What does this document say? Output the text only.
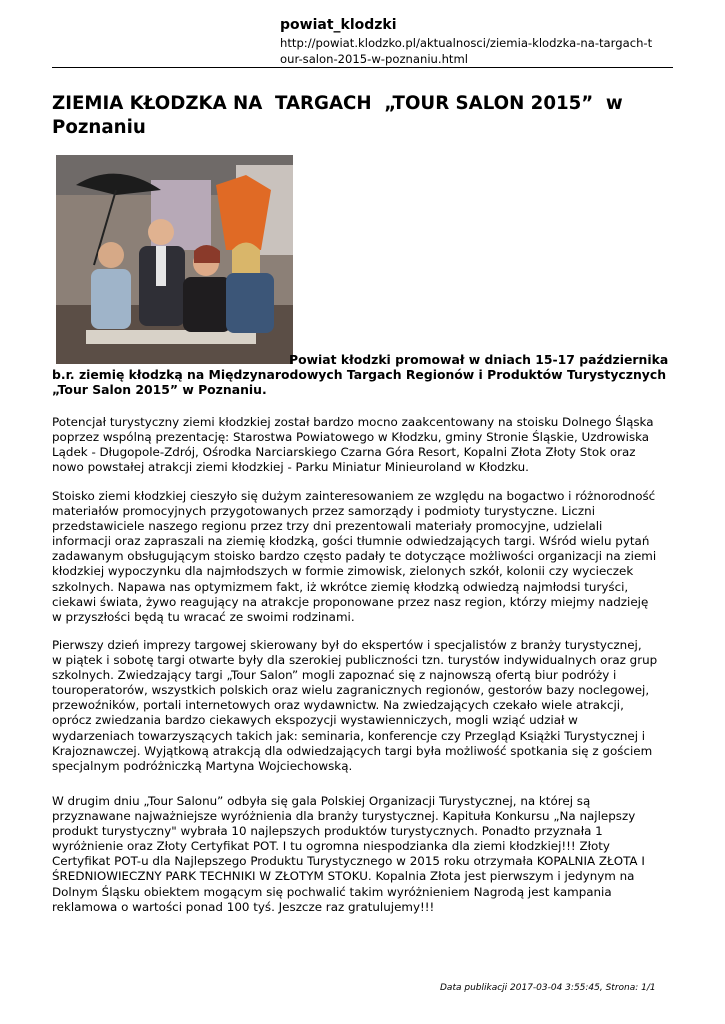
powiat_klodzki
http://powiat.klodzko.pl/aktualnosci/ziemia-klodzka-na-targach-t
our-salon-2015-w-poznaniu.html
ZIEMIA KŁODZKA NA  TARGACH  „TOUR SALON 2015”  w
Poznaniu

Powiat kłodzki promował w dniach 15-17 października
b.r. ziemię kłodzką na Międzynarodowych Targach Regionów i Produktów Turystycznych
„Tour Salon 2015” w Poznaniu.

Potencjał turystyczny ziemi kłodzkiej został bardzo mocno zaakcentowany na stoisku Dolnego Śląska
poprzez wspólną prezentację: Starostwa Powiatowego w Kłodzku, gminy Stronie Śląskie, Uzdrowiska
Lądek - Długopole-Zdrój, Ośrodka Narciarskiego Czarna Góra Resort, Kopalni Złota Złoty Stok oraz
nowo powstałej atrakcji ziemi kłodzkiej - Parku Miniatur Minieuroland w Kłodzku.

Stoisko ziemi kłodzkiej cieszyło się dużym zainteresowaniem ze względu na bogactwo i różnorodność
materiałów promocyjnych przygotowanych przez samorządy i podmioty turystyczne. Liczni
przedstawiciele naszego regionu przez trzy dni prezentowali materiały promocyjne, udzielali
informacji oraz zapraszali na ziemię kłodzką, gości tłumnie odwiedzających targi. Wśród wielu pytań
zadawanym obsługującym stoisko bardzo często padały te dotyczące możliwości organizacji na ziemi
kłodzkiej wypoczynku dla najmłodszych w formie zimowisk, zielonych szkół, kolonii czy wycieczek
szkolnych. Napawa nas optymizmem fakt, iż wkrótce ziemię kłodzką odwiedzą najmłodsi turyści,
ciekawi świata, żywo reagujący na atrakcje proponowane przez nasz region, którzy miejmy nadzieję
w przyszłości będą tu wracać ze swoimi rodzinami.

Pierwszy dzień imprezy targowej skierowany był do ekspertów i specjalistów z branży turystycznej,
w piątek i sobotę targi otwarte były dla szerokiej publiczności tzn. turystów indywidualnych oraz grup
szkolnych. Zwiedzający targi „Tour Salon” mogli zapoznać się z najnowszą ofertą biur podróży i
touroperatorów, wszystkich polskich oraz wielu zagranicznych regionów, gestorów bazy noclegowej,
przewoźników, portali internetowych oraz wydawnictw. Na zwiedzających czekało wiele atrakcji,
oprócz zwiedzania bardzo ciekawych ekspozycji wystawienniczych, mogli wziąć udział w
wydarzeniach towarzyszących takich jak: seminaria, konferencje czy Przegląd Książki Turystycznej i
Krajoznawczej. Wyjątkową atrakcją dla odwiedzających targi była możliwość spotkania się z gościem
specjalnym podróżniczką Martyna Wojciechowską.

W drugim dniu „Tour Salonu” odbyła się gala Polskiej Organizacji Turystycznej, na której są
przyznawane najważniejsze wyróżnienia dla branży turystycznej. Kapituła Konkursu „Na najlepszy
produkt turystyczny" wybrała 10 najlepszych produktów turystycznych. Ponadto przyznała 1
wyróżnienie oraz Złoty Certyfikat POT. I tu ogromna niespodzianka dla ziemi kłodzkiej!!! Złoty
Certyfikat POT-u dla Najlepszego Produktu Turystycznego w 2015 roku otrzymała KOPALNIA ZŁOTA I
ŚREDNIOWIECZNY PARK TECHNIKI W ZŁOTYM STOKU. Kopalnia Złota jest pierwszym i jedynym na
Dolnym Śląsku obiektem mogącym się pochwalić takim wyróżnieniem Nagrodą jest kampania
reklamowa o wartości ponad 100 tyś. Jeszcze raz gratulujemy!!!

Data publikacji 2017-03-04 3:55:45, Strona: 1/1
